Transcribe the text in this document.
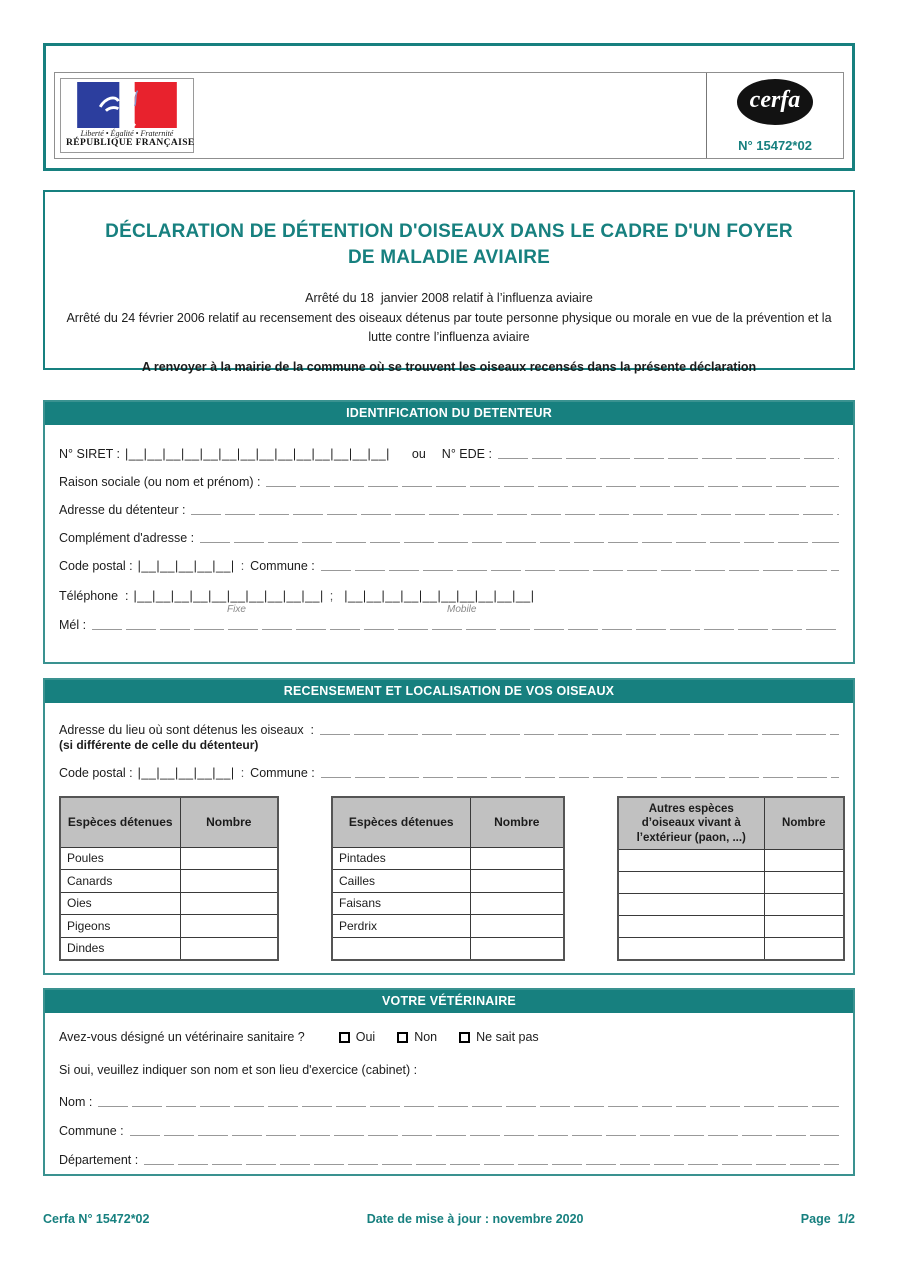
Liberté • Égalité • Fraternité
RÉPUBLIQUE FRANÇAISE
cerfa
N° 15472*02
DÉCLARATION DE DÉTENTION D'OISEAUX DANS LE CADRE D'UN FOYER DE MALADIE AVIAIRE
Arrêté du 18  janvier 2008 relatif à l’influenza aviaire
Arrêté du 24 février 2006 relatif au recensement des oiseaux détenus par toute personne physique ou morale en vue de la prévention et la lutte contre l’influenza aviaire
A renvoyer à la mairie de la commune où se trouvent les oiseaux recensés dans la présente déclaration
IDENTIFICATION DU DETENTEUR
N° SIRET : |__|__|__|__|__|__|__|__|__|__|__|__|__|__| ou N° EDE :
Raison sociale (ou nom et prénom) :
Adresse du détenteur :
Complément d'adresse :
Code postal : |__|__|__|__|__| : Commune :
Téléphone  : |__|__|__|__|__|__|__|__|__|__| ; |__|__|__|__|__|__|__|__|__|__|
Fixe	Mobile
Mél :
RECENSEMENT ET LOCALISATION DE VOS OISEAUX
Adresse du lieu où sont détenus les oiseaux  :
(si différente de celle du détenteur)
Code postal : |__|__|__|__|__| : Commune :
Espèces détenues	Nombre
Poules	
Canards	
Oies	
Pigeons	
Dindes	
Espèces détenues	Nombre
Pintades	
Cailles	
Faisans	
Perdrix	

Autres espèces d’oiseaux vivant à l’extérieur (paon, ...)	Nombre

VOTRE VÉTÉRINAIRE
Avez-vous désigné un vétérinaire sanitaire ?	Oui	Non	Ne sait pas
Si oui, veuillez indiquer son nom et son lieu d'exercice (cabinet) :
Nom :
Commune :
Département :
Cerfa N° 15472*02	Date de mise à jour : novembre 2020	Page  1/2
